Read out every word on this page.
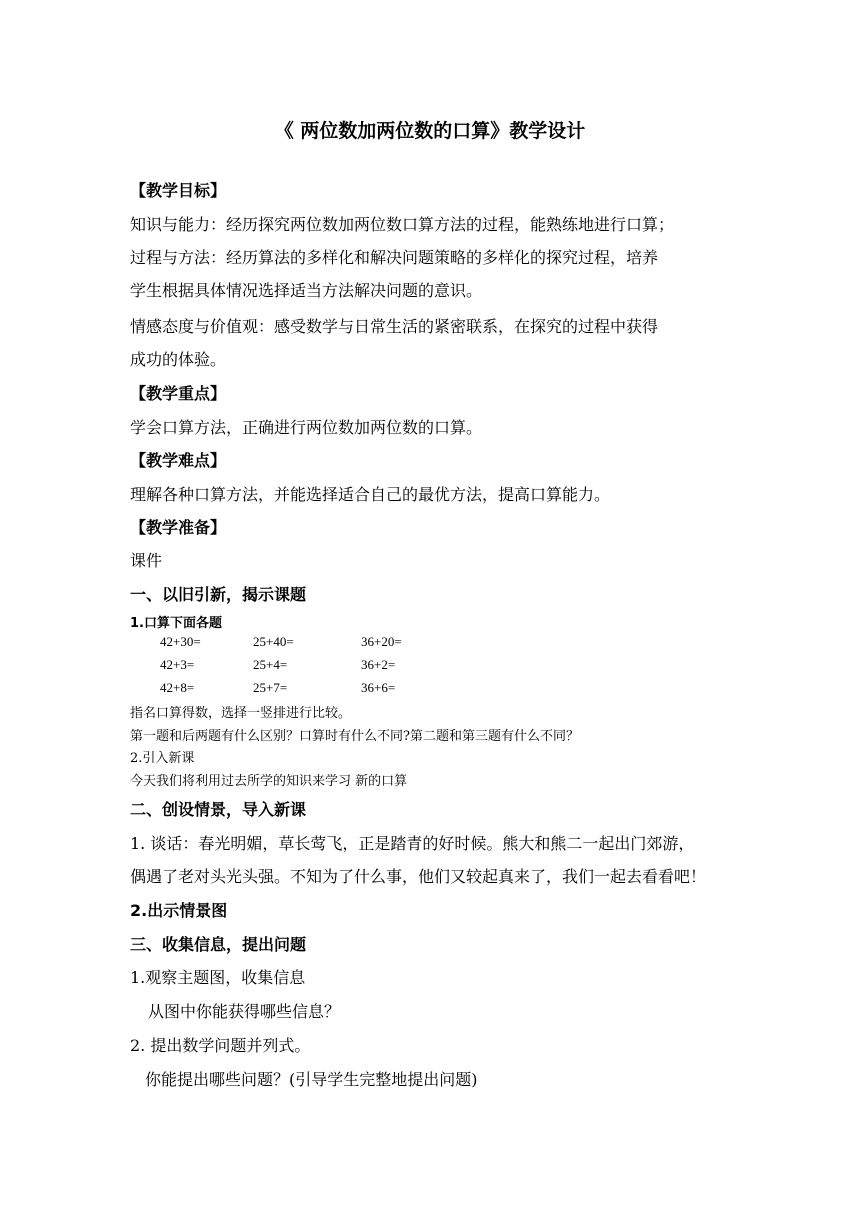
《 两位数加两位数的口算》教学设计
【教学目标】
知识与能力：经历探究两位数加两位数口算方法的过程，能熟练地进行口算；
过程与方法：经历算法的多样化和解决问题策略的多样化的探究过程，培养
学生根据具体情况选择适当方法解决问题的意识。
情感态度与价值观：感受数学与日常生活的紧密联系，在探究的过程中获得
成功的体验。
【教学重点】
学会口算方法，正确进行两位数加两位数的口算。
【教学难点】
理解各种口算方法，并能选择适合自己的最优方法，提高口算能力。
【教学准备】
课件
一、以旧引新，揭示课题
1.口算下面各题
42+30=	25+40=	36+20=
42+3=	25+4=	36+2=
42+8=	25+7=	36+6=
指名口算得数，选择一竖排进行比较。
第一题和后两题有什么区别？口算时有什么不同?第二题和第三题有什么不同？
2.引入新课
今天我们将利用过去所学的知识来学习 新的口算
二、创设情景，导入新课
1. 谈话：春光明媚，草长莺飞，正是踏青的好时候。熊大和熊二一起出门郊游，
偶遇了老对头光头强。不知为了什么事，他们又较起真来了，我们一起去看看吧！
2.出示情景图
三、收集信息，提出问题
1.观察主题图，收集信息
从图中你能获得哪些信息？
2. 提出数学问题并列式。
你能提出哪些问题？(引导学生完整地提出问题)
